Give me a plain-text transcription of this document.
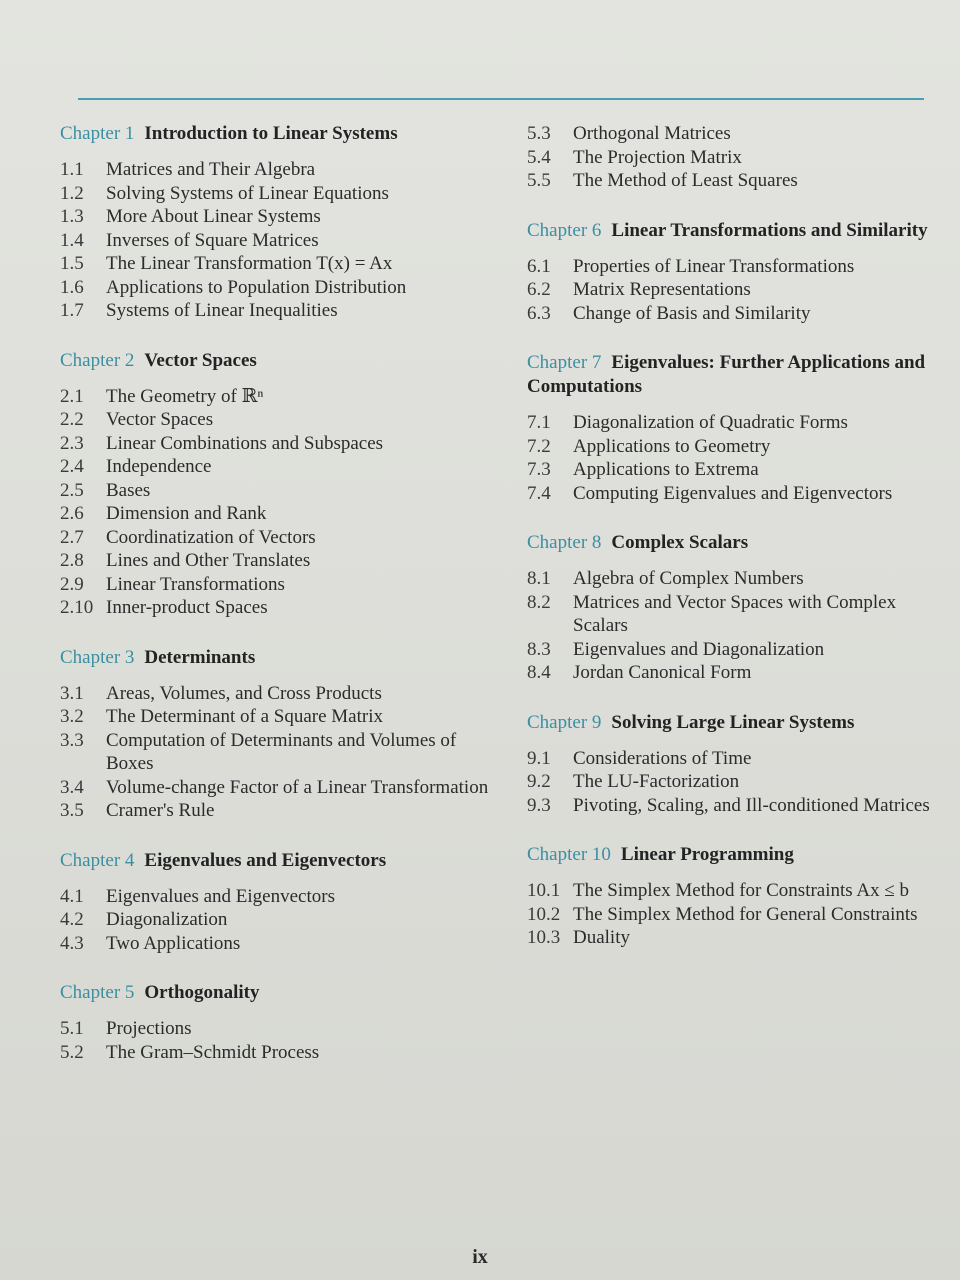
Chapter 1 Introduction to Linear Systems
1.1	Matrices and Their Algebra
1.2	Solving Systems of Linear Equations
1.3	More About Linear Systems
1.4	Inverses of Square Matrices
1.5	The Linear Transformation T(x) = Ax
1.6	Applications to Population Distribution
1.7	Systems of Linear Inequalities
Chapter 2 Vector Spaces
2.1	The Geometry of ℝⁿ
2.2	Vector Spaces
2.3	Linear Combinations and Subspaces
2.4	Independence
2.5	Bases
2.6	Dimension and Rank
2.7	Coordinatization of Vectors
2.8	Lines and Other Translates
2.9	Linear Transformations
2.10 Inner-product Spaces
Chapter 3 Determinants
3.1	Areas, Volumes, and Cross Products
3.2	The Determinant of a Square Matrix
3.3	Computation of Determinants and Volumes of Boxes
3.4	Volume-change Factor of a Linear Transformation
3.5	Cramer's Rule
Chapter 4 Eigenvalues and Eigenvectors
4.1	Eigenvalues and Eigenvectors
4.2	Diagonalization
4.3	Two Applications
Chapter 5 Orthogonality
5.1	Projections
5.2	The Gram–Schmidt Process
5.3	Orthogonal Matrices
5.4	The Projection Matrix
5.5	The Method of Least Squares
Chapter 6 Linear Transformations and Similarity
6.1	Properties of Linear Transformations
6.2	Matrix Representations
6.3	Change of Basis and Similarity
Chapter 7 Eigenvalues: Further Applications and Computations
7.1	Diagonalization of Quadratic Forms
7.2	Applications to Geometry
7.3	Applications to Extrema
7.4	Computing Eigenvalues and Eigenvectors
Chapter 8 Complex Scalars
8.1	Algebra of Complex Numbers
8.2	Matrices and Vector Spaces with Complex Scalars
8.3	Eigenvalues and Diagonalization
8.4	Jordan Canonical Form
Chapter 9 Solving Large Linear Systems
9.1	Considerations of Time
9.2	The LU-Factorization
9.3	Pivoting, Scaling, and Ill-conditioned Matrices
Chapter 10 Linear Programming
10.1 The Simplex Method for Constraints Ax ≤ b
10.2 The Simplex Method for General Constraints
10.3 Duality
ix
